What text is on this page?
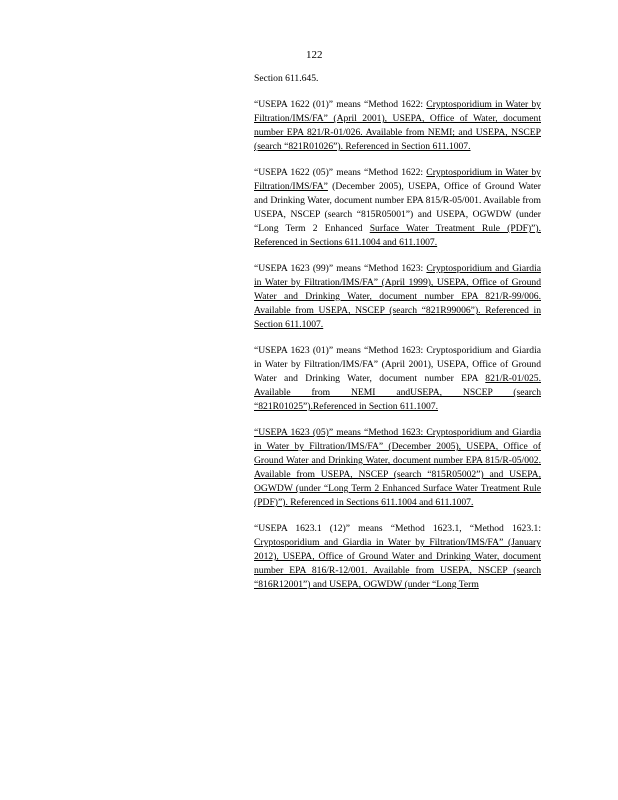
122

Section 611.645.

“USEPA 1622 (01)” means “Method 1622: Cryptosporidium in Water by Filtration/IMS/FA” (April 2001), USEPA, Office of Water, document number EPA 821/R-01/026. Available from NEMI; and USEPA, NSCEP (search “821R01026”). Referenced in Section 611.1007.

“USEPA 1622 (05)” means “Method 1622: Cryptosporidium in Water by Filtration/IMS/FA” (December 2005), USEPA, Office of Ground Water and Drinking Water, document number EPA 815/R-05/001. Available from USEPA, NSCEP (search “815R05001”) and USEPA, OGWDW (under “Long Term 2 Enhanced Surface Water Treatment Rule (PDF)”). Referenced in Sections 611.1004 and 611.1007.

“USEPA 1623 (99)” means “Method 1623: Cryptosporidium and Giardia in Water by Filtration/IMS/FA” (April 1999), USEPA, Office of Ground Water and Drinking Water, document number EPA 821/R-99/006. Available from USEPA, NSCEP (search “821R99006”). Referenced in Section 611.1007.

“USEPA 1623 (01)” means “Method 1623: Cryptosporidium and Giardia in Water by Filtration/IMS/FA” (April 2001), USEPA, Office of Ground Water and Drinking Water, document number EPA 821/R-01/025. Available from NEMI andUSEPA, NSCEP (search “821R01025”).Referenced in Section 611.1007.

“USEPA 1623 (05)” means “Method 1623: Cryptosporidium and Giardia in Water by Filtration/IMS/FA” (December 2005), USEPA, Office of Ground Water and Drinking Water, document number EPA 815/R-05/002. Available from USEPA, NSCEP (search “815R05002”) and USEPA, OGWDW (under “Long Term 2 Enhanced Surface Water Treatment Rule (PDF)”). Referenced in Sections 611.1004 and 611.1007.

“USEPA 1623.1 (12)” means “Method 1623.1, “Method 1623.1: Cryptosporidium and Giardia in Water by Filtration/IMS/FA” (January 2012), USEPA, Office of Ground Water and Drinking Water, document number EPA 816/R-12/001. Available from USEPA, NSCEP (search “816R12001”) and USEPA, OGWDW (under “Long Term
